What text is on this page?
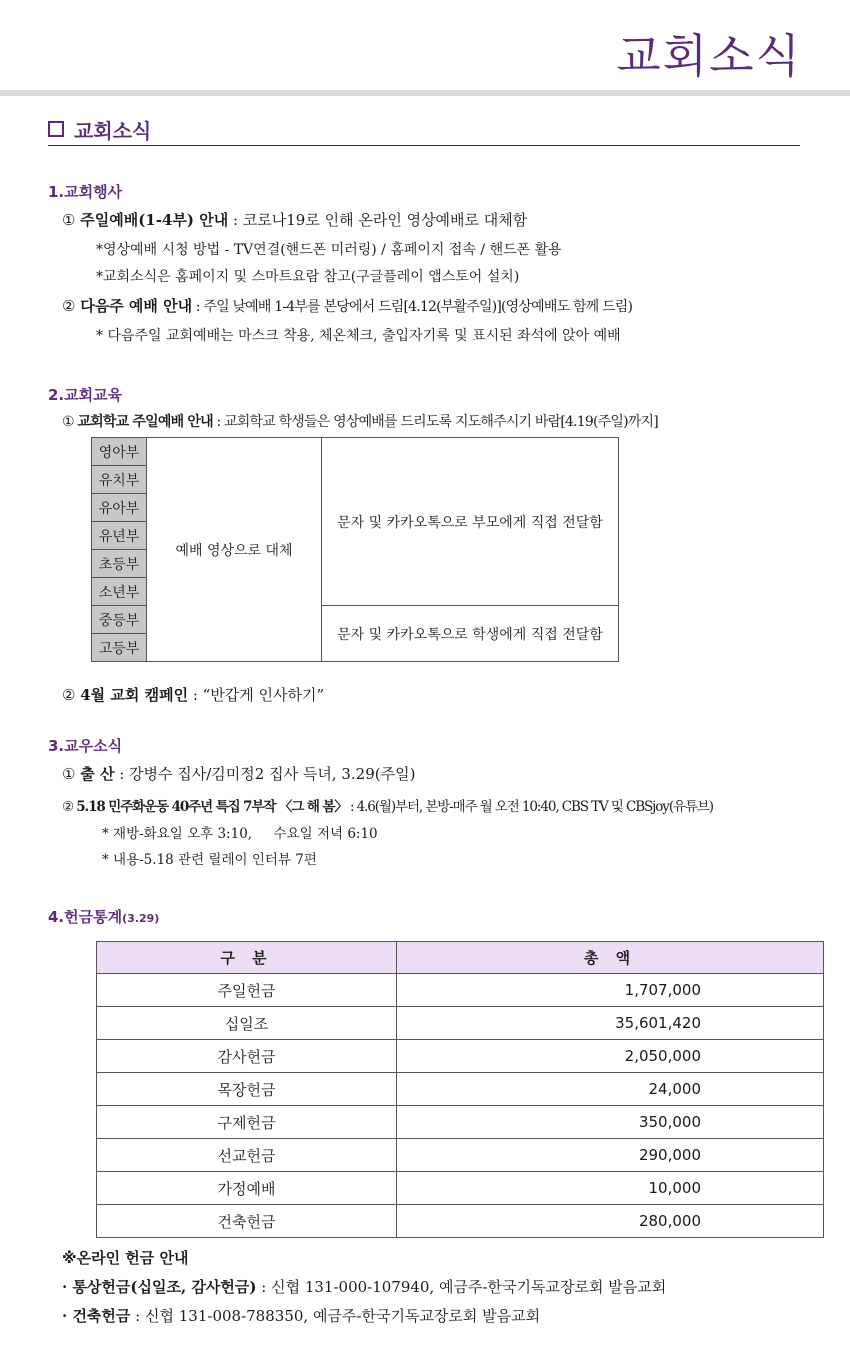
교회소식
교회소식
1.교회행사
① 주일예배(1-4부) 안내 : 코로나19로 인해 온라인 영상예배로 대체함
*영상예배 시청 방법 - TV연결(핸드폰 미러링) / 홈페이지 접속 / 핸드폰 활용
*교회소식은 홈페이지 및 스마트요람 참고(구글플레이 앱스토어 설치)
② 다음주 예배 안내 : 주일 낮예배 1-4부를 본당에서 드림[4.12(부활주일)](영상예배도 함께 드림)
* 다음주일 교회예배는 마스크 착용, 체온체크, 출입자기록 및 표시된 좌석에 앉아 예배
2.교회교육
① 교회학교 주일예배 안내 : 교회학교 학생들은 영상예배를 드리도록 지도해주시기 바람[4.19(주일)까지]
영아부	예배 영상으로 대체	문자 및 카카오톡으로 부모에게 직접 전달함
유치부		
유아부		
유년부		
초등부		
소년부		
중등부		문자 및 카카오톡으로 학생에게 직접 전달함
고등부		
② 4월 교회 캠페인 : “반갑게 인사하기”
3.교우소식
① 출 산 : 강병수 집사/김미정2 집사 득녀, 3.29(주일)
② 5.18 민주화운동 40주년 특집 7부작 〈그 해 봄〉 : 4.6(월)부터, 본방-매주 월 오전 10:40, CBS TV 및 CBSjoy(유튜브)
* 재방-화요일 오후 3:10,     수요일 저녁 6:10
* 내용-5.18 관련 릴레이 인터뷰 7편
4.헌금통계(3.29)
구 분	총 액
주일헌금	1,707,000
십일조	35,601,420
감사헌금	2,050,000
목장헌금	24,000
구제헌금	350,000
선교헌금	290,000
가정예배	10,000
건축헌금	280,000
※온라인 헌금 안내
· 통상헌금(십일조, 감사헌금) : 신협 131-000-107940, 예금주-한국기독교장로회 발음교회
· 건축헌금 : 신협 131-008-788350, 예금주-한국기독교장로회 발음교회
